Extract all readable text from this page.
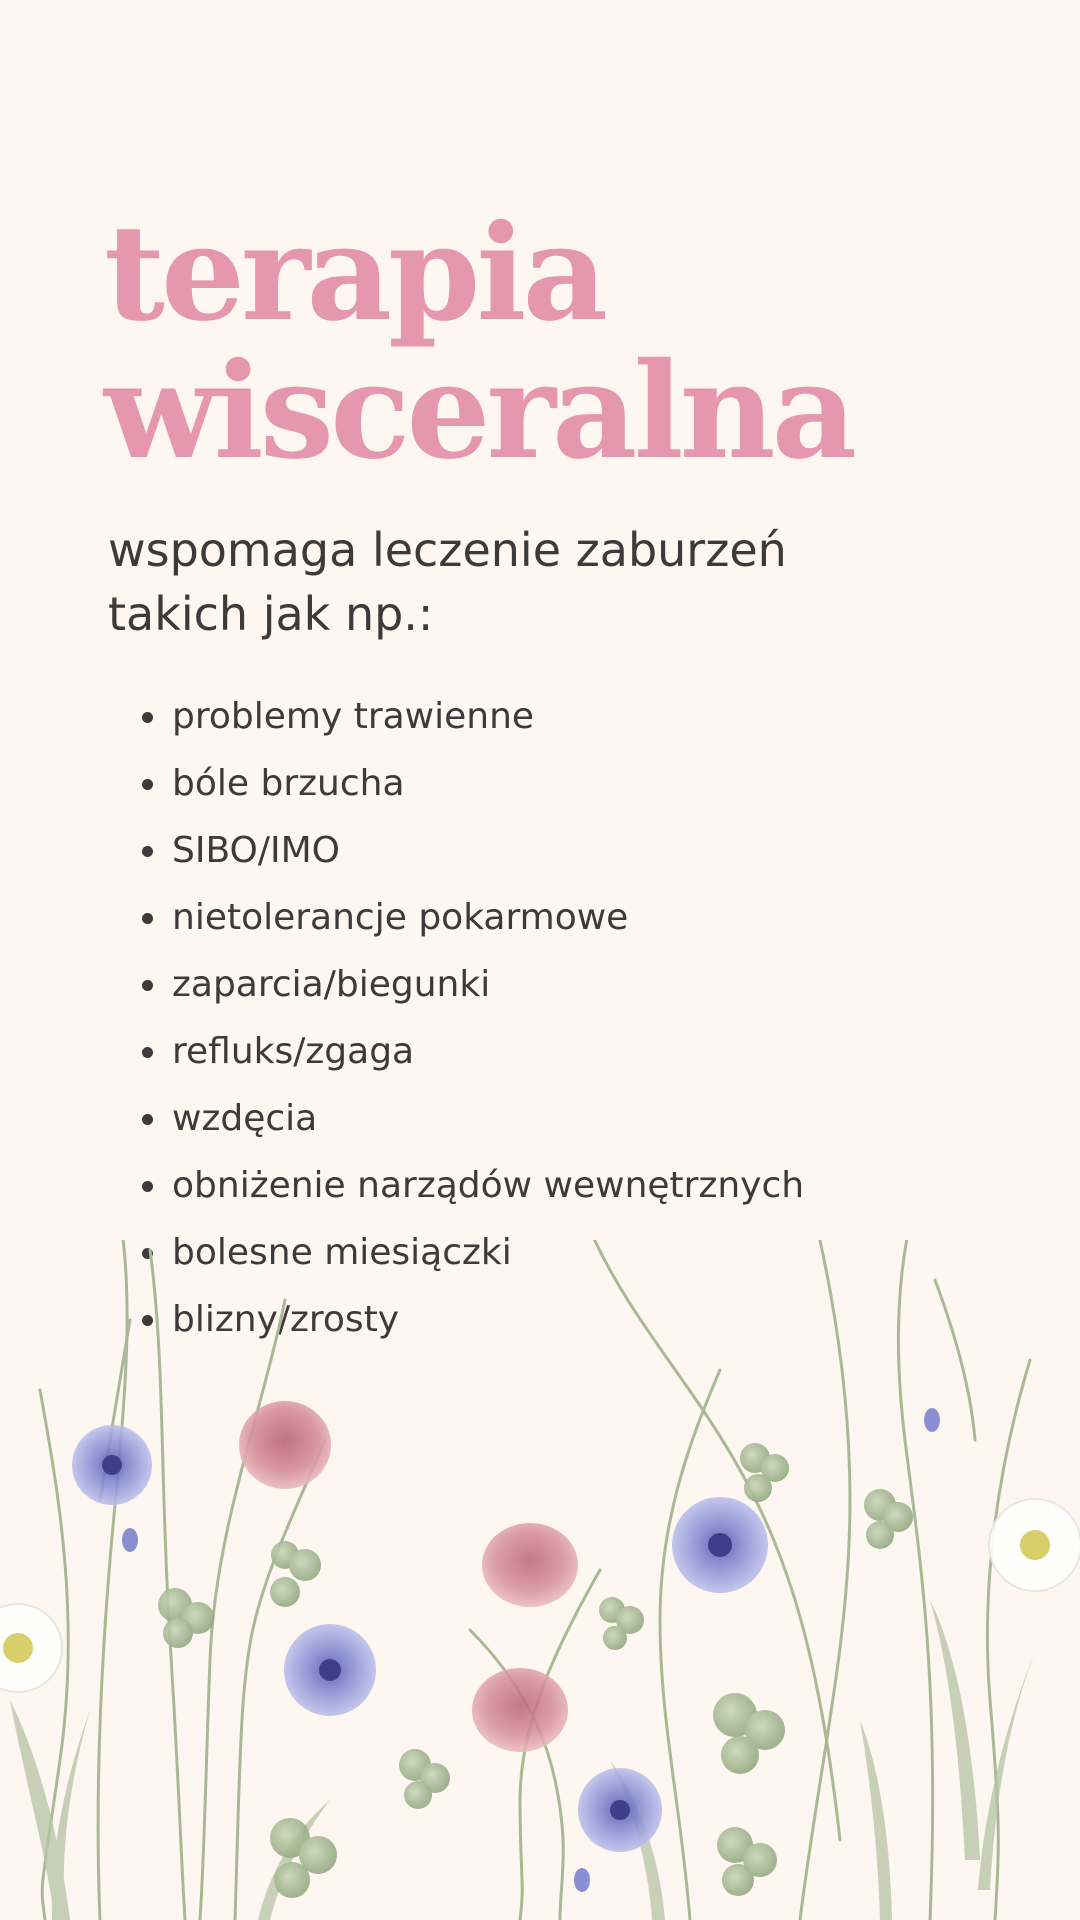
terapia
wisceralna

wspomaga leczenie zaburzeń takich jak np.:

problemy trawienne
bóle brzucha
SIBO/IMO
nietolerancje pokarmowe
zaparcia/biegunki
refluks/zgaga
wzdęcia
obniżenie narządów wewnętrznych
bolesne miesiączki
blizny/zrosty
